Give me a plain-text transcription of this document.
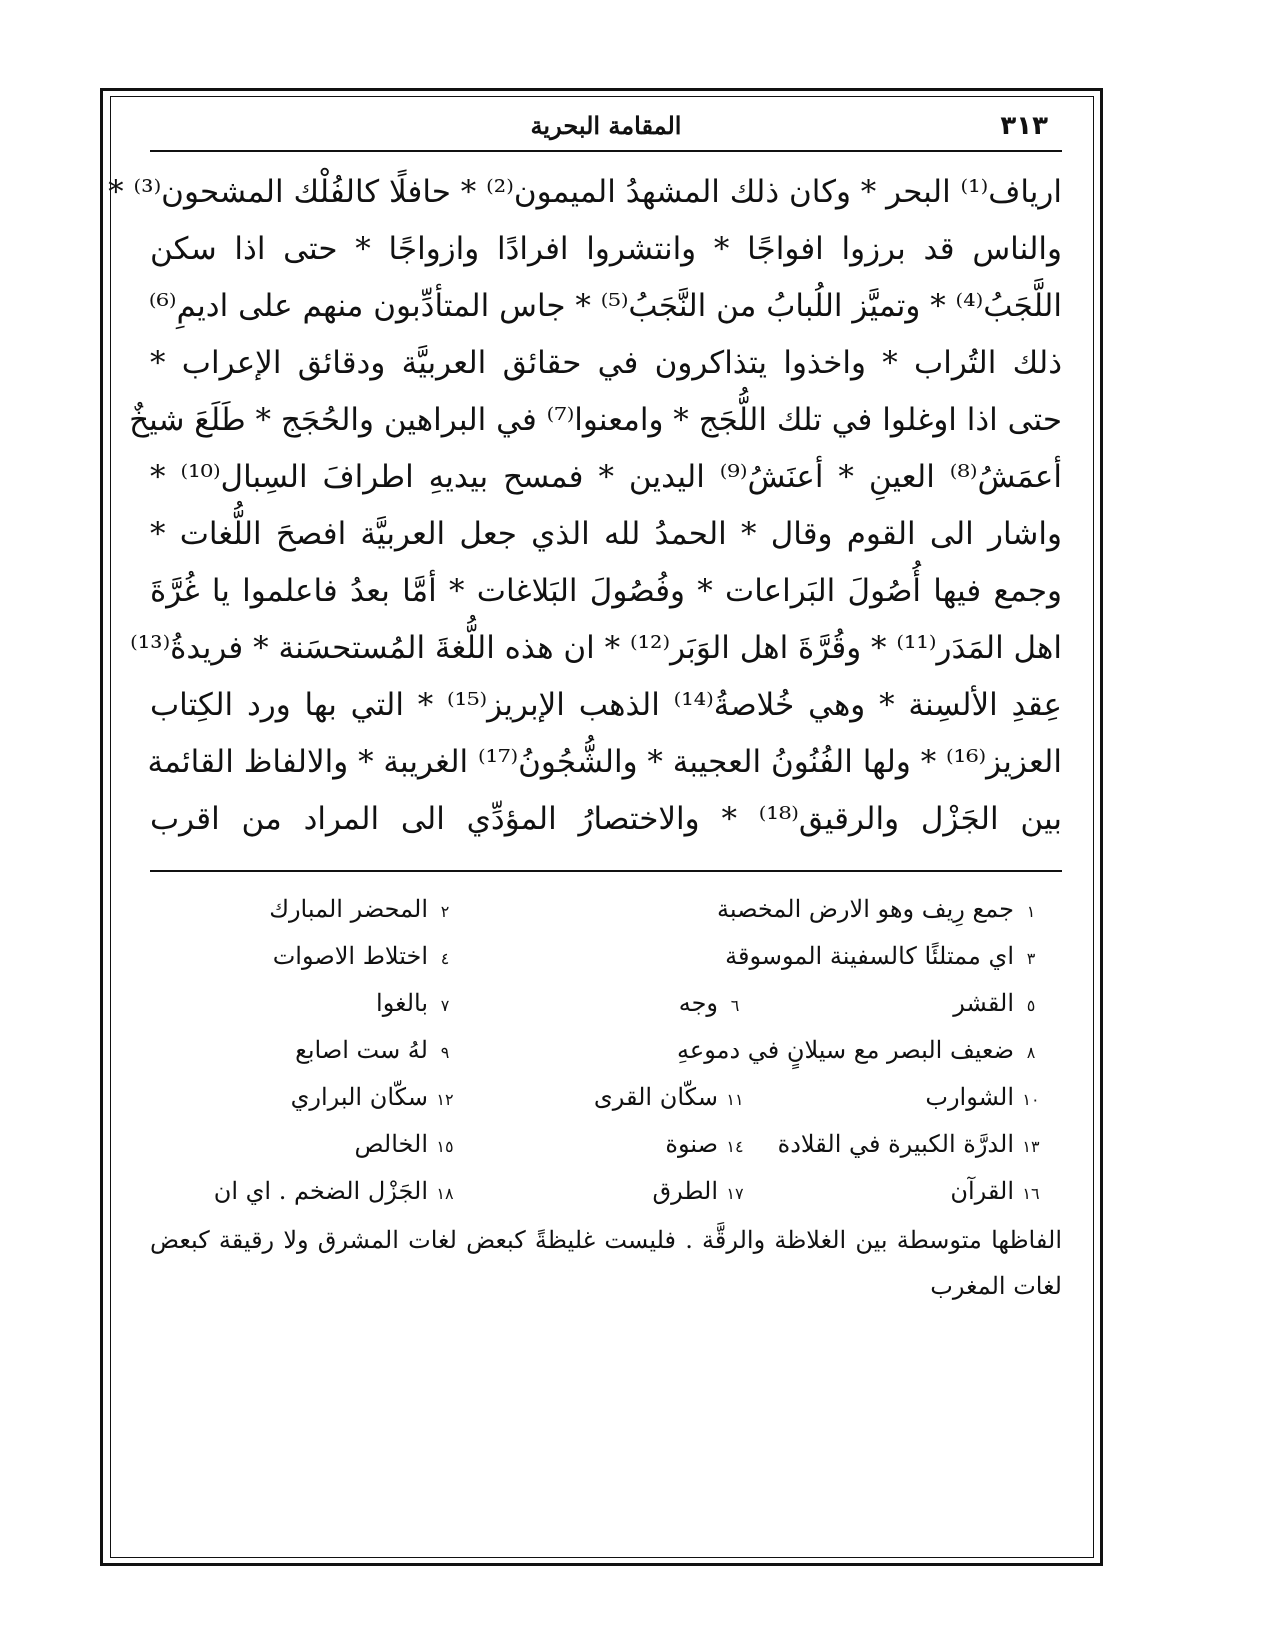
٣١٣
المقامة البحرية
ارياف⁽¹⁾ البحر * وكان ذلك المشهدُ الميمون⁽²⁾ * حافلًا كالفُلْك المشحون⁽³⁾ *
والناس قد برزوا افواجًا * وانتشروا افرادًا وازواجًا * حتى اذا سكن
اللَّجَبُ⁽⁴⁾ * وتميَّز اللُبابُ من النَّجَبُ⁽⁵⁾ * جاس المتأدِّبون منهم على اديمِ⁽⁶⁾
ذلك التُراب * واخذوا يتذاكرون في حقائق العربيَّة ودقائق الإعراب *
حتى اذا اوغلوا في تلك اللُّجَج * وامعنوا⁽⁷⁾ في البراهين والحُجَج * طَلَعَ شيخٌ
أعمَشُ⁽⁸⁾ العينِ * أعنَشُ⁽⁹⁾ اليدين * فمسح بيديهِ اطرافَ السِبال⁽¹⁰⁾ *
واشار الى القوم وقال * الحمدُ لله الذي جعل العربيَّة افصحَ اللُّغات *
وجمع فيها أُصُولَ البَراعات * وفُصُولَ البَلاغات * أمَّا بعدُ فاعلموا يا غُرَّةَ
اهل المَدَر⁽¹¹⁾ * وقُرَّةَ اهل الوَبَر⁽¹²⁾ * ان هذه اللُّغةَ المُستحسَنة * فريدةُ⁽¹³⁾
عِقدِ الألسِنة * وهي خُلاصةُ⁽¹⁴⁾ الذهب الإبريز⁽¹⁵⁾ * التي بها ورد الكِتاب
العزيز⁽¹⁶⁾ * ولها الفُنُونُ العجيبة * والشُّجُونُ⁽¹⁷⁾ الغريبة * والالفاظ القائمة
بين الجَزْل والرقيق⁽¹⁸⁾ * والاختصارُ المؤدِّي الى المراد من اقرب
١جمع رِيف وهو الارض المخصبة
٢المحضر المبارك
٣اي ممتلئًا كالسفينة الموسوقة
٤اختلاط الاصوات
٥القشر
٦وجه
٧بالغوا
٨ضعيف البصر مع سيلانٍ في دموعهِ
٩لهُ ست اصابع
١٠الشوارب
١١سكّان القرى
١٢سكّان البراري
١٣الدرَّة الكبيرة في القلادة
١٤صنوة
١٥الخالص
١٦القرآن
١٧الطرق
١٨الجَزْل الضخم . اي ان
الفاظها متوسطة بين الغلاظة والرقَّة . فليست غليظةً كبعض لغات المشرق ولا رقيقة كبعض لغات المغرب
